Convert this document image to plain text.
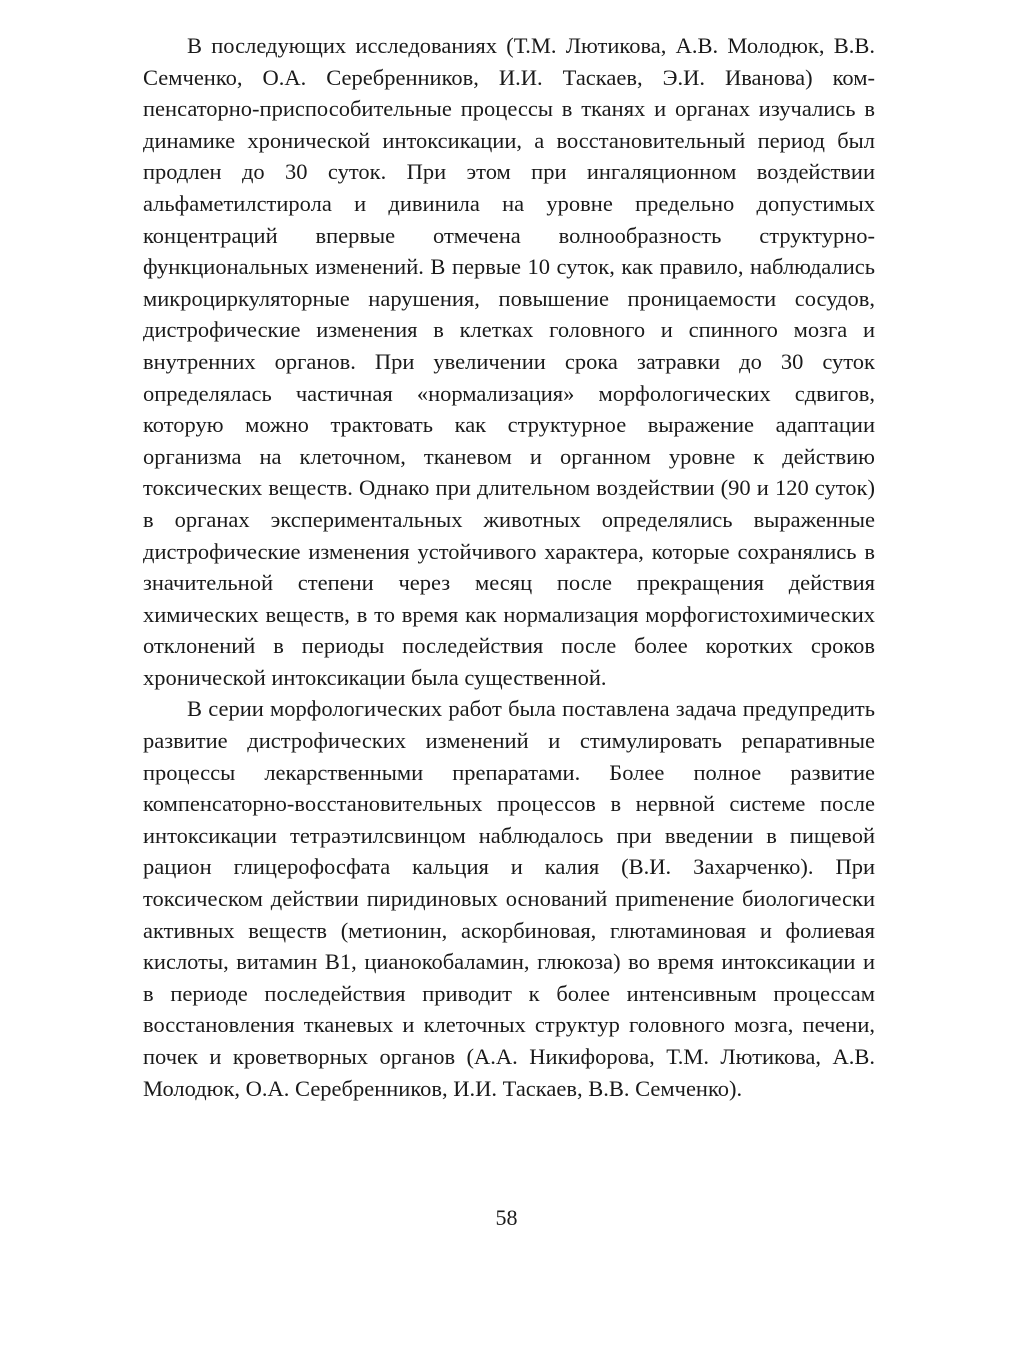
В последующих исследованиях (Т.М. Лютикова, А.В. Молодюк, В.В. Семченко, О.А. Серебренников, И.И. Таскаев, Э.И. Иванова) компенсаторно-приспособительные процессы в тканях и органах изучались в динамике хронической интоксикации, а восстановительный период был продлен до 30 суток. При этом при ингаляционном воздействии альфаметилстирола и дивинила на уровне предельно допустимых концентраций впервые отмечена волнообразность структурно-функциональных изменений. В первые 10 суток, как правило, наблюдались микроциркуляторные нарушения, повышение проницаемости сосудов, дистрофические изменения в клетках головного и спинного мозга и внутренних органов. При увеличении срока затравки до 30 суток определялась частичная «нормализация» морфологических сдвигов, которую можно трактовать как структурное выражение адаптации организма на клеточном, тканевом и органном уровне к действию токсических веществ. Однако при длительном воздействии (90 и 120 суток) в органах экспериментальных животных определялись выраженные дистрофические изменения устойчивого характера, которые сохранялись в значительной степени через месяц после прекращения действия химических веществ, в то время как нормализация морфогистохимических отклонений в периоды последействия после более коротких сроков хронической интоксикации была существенной.

В серии морфологических работ была поставлена задача предупредить развитие дистрофических изменений и стимулировать репаративные процессы лекарственными препаратами. Более полное развитие компенсаторно-восстановительных процессов в нервной системе после интоксикации тетраэтилсвинцом наблюдалось при введении в пищевой рацион глицерофосфата кальция и калия (В.И. Захарченко). При токсическом действии пиридиновых оснований приmенение биологически активных веществ (метионин, аскорбиновая, глютаминовая и фолиевая кислоты, витамин В1, цианокобаламин, глюкоза) во время интоксикации и в периоде последействия приводит к более интенсивным процессам восстановления тканевых и клеточных структур головного мозга, печени, почек и кроветворных органов (А.А. Никифорова, Т.М. Лютикова, А.В. Молодюк, О.А. Серебренников, И.И. Таскаев, В.В. Семченко).

58
